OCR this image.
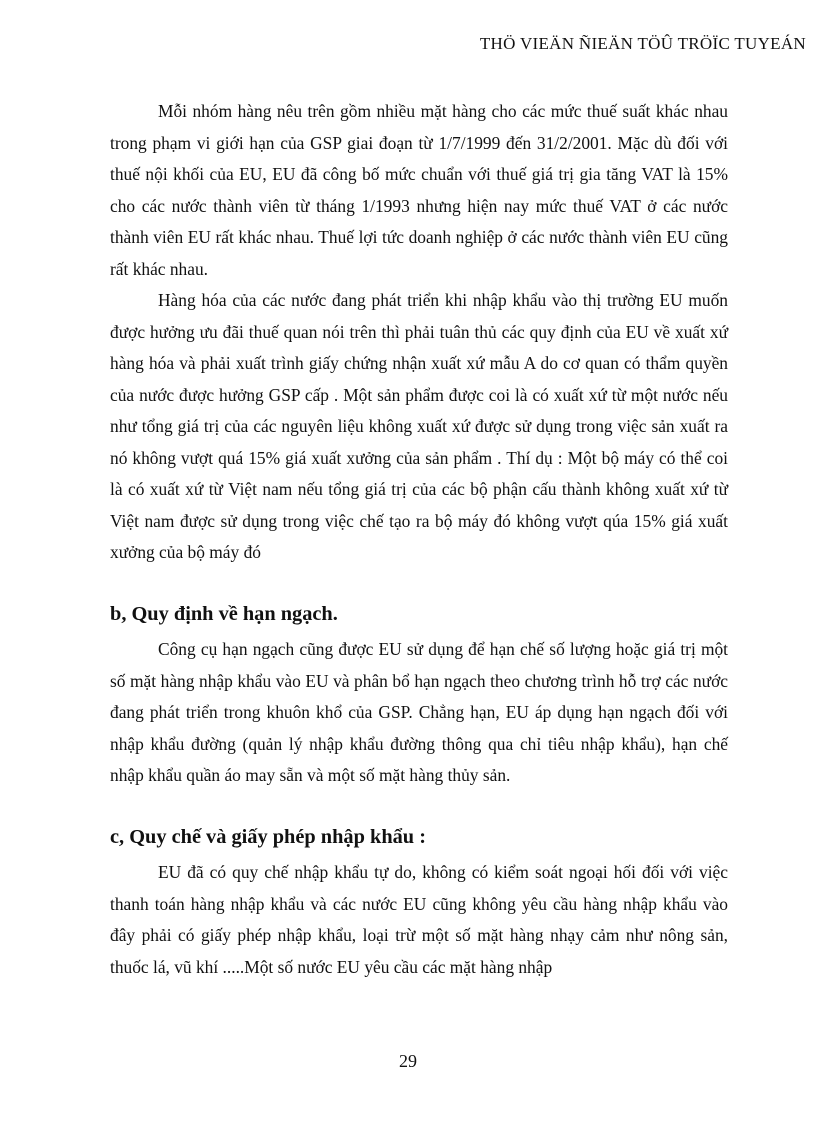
THÖ VIEÄN ÑIEÄN TÖÛ TRÖÏC TUYEÁN

Mỗi nhóm hàng nêu trên gồm nhiều mặt hàng cho các mức thuế suất khác nhau trong phạm vi giới hạn của GSP giai đoạn từ 1/7/1999 đến 31/2/2001. Mặc dù đối với thuế nội khối của EU, EU đã công bố mức chuẩn với thuế giá trị gia tăng VAT là 15% cho các nước thành viên từ tháng 1/1993 nhưng hiện nay mức thuế VAT ở các nước thành viên EU rất khác nhau. Thuế lợi tức doanh nghiệp ở các nước thành viên EU cũng rất khác nhau.

Hàng hóa của các nước đang phát triển khi nhập khẩu vào thị trường EU muốn được hưởng ưu đãi thuế quan nói trên thì phải tuân thủ các quy định của EU về xuất xứ hàng hóa và phải xuất trình giấy chứng nhận xuất xứ mẫu A do cơ quan có thẩm quyền của nước được hưởng GSP cấp . Một sản phẩm được coi là có xuất xứ từ một nước nếu như tổng giá trị của các nguyên liệu không xuất xứ được sử dụng trong việc sản xuất ra nó không vượt quá 15% giá xuất xưởng của sản phẩm . Thí dụ : Một bộ máy có thể coi là có xuất xứ từ Việt nam nếu tổng giá trị của các bộ phận cấu thành không xuất xứ từ Việt nam được sử dụng trong việc chế tạo ra bộ máy đó không vượt qúa 15% giá xuất xưởng của bộ máy đó

b, Quy định về hạn ngạch.

Công cụ hạn ngạch cũng được EU sử dụng để hạn chế số lượng hoặc giá trị một số mặt hàng nhập khẩu vào EU và phân bổ hạn ngạch theo chương trình hỗ trợ các nước đang phát triển trong khuôn khổ của GSP. Chẳng hạn, EU áp dụng hạn ngạch đối với nhập khẩu đường (quản lý nhập khẩu đường thông qua chỉ tiêu nhập khẩu), hạn chế nhập khẩu quần áo may sẵn và một số mặt hàng thủy sản.

c, Quy chế và giấy phép nhập khẩu :

EU đã có quy chế nhập khẩu tự do, không có kiểm soát ngoại hối đối với việc thanh toán hàng nhập khẩu và các nước EU cũng không yêu cầu hàng nhập khẩu vào đây phải có giấy phép nhập khẩu, loại trừ một số mặt hàng nhạy cảm như nông sản, thuốc lá, vũ khí .....Một số nước EU yêu cầu các mặt hàng nhập

29
